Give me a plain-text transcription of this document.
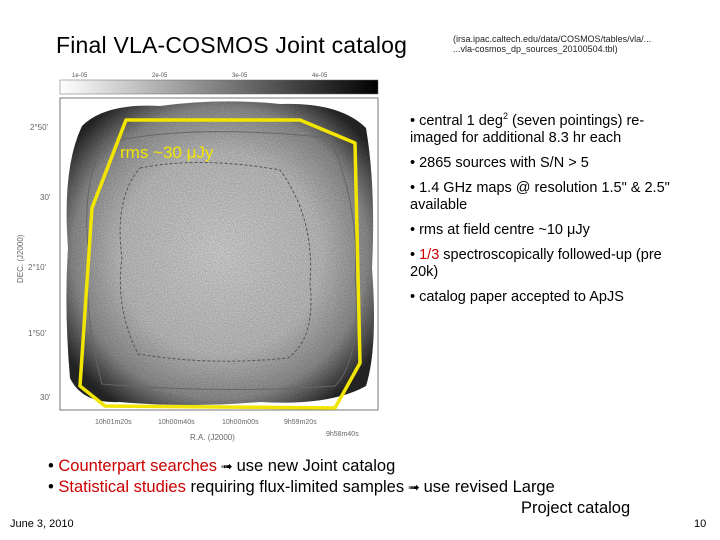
Final VLA-COSMOS Joint catalog	(irsa.ipac.caltech.edu/data/COSMOS/tables/vla/...
...vla-cosmos_dp_sources_20100504.tbl)
1e-05	2e-05	3e-05	4e-05
rms ~30 μJy
2°50'
30'
2°10'
1°50'
30'
DEC. (J2000)
10h01m20s	10h00m40s	10h00m00s	9h59m20s
9h58m40s
R.A. (J2000)
• central 1 deg$^2$ (seven pointings) re-imaged for additional 8.3 hr each
• 2865 sources with S/N > 5
• 1.4 GHz maps @ resolution 1.5" & 2.5" available
• rms at field centre ~10 μJy
• 1/3 spectroscopically followed-up (pre 20k)
• catalog paper accepted to ApJS
• Counterpart searches ➟ use new Joint catalog
• Statistical studies requiring flux-limited samples ➟ use revised Large
Project catalog
June 3, 2010	10
